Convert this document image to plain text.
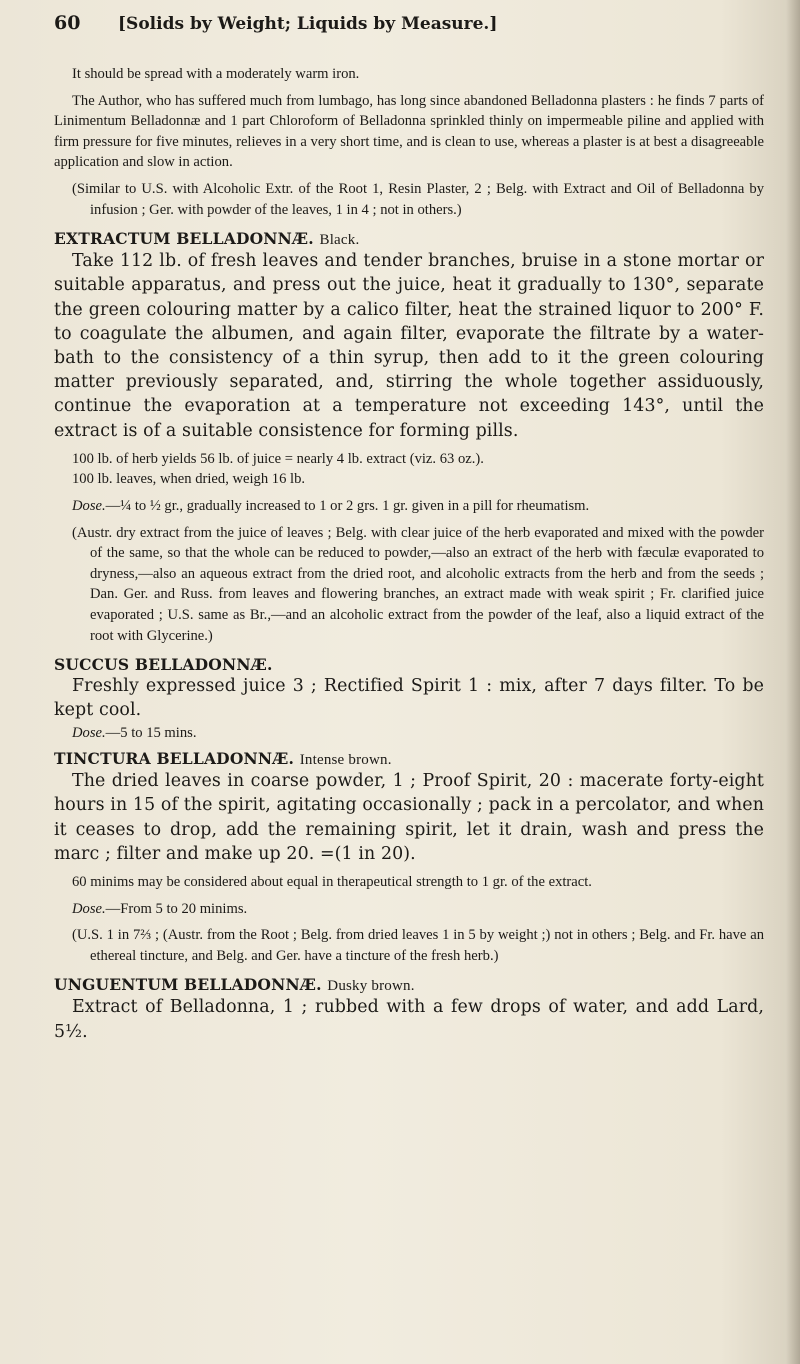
60	[Solids by Weight; Liquids by Measure.]

It should be spread with a moderately warm iron.

The Author, who has suffered much from lumbago, has long since abandoned Belladonna plasters : he finds 7 parts of Linimentum Belladonnæ and 1 part Chloroform of Belladonna sprinkled thinly on impermeable piline and applied with firm pressure for five minutes, relieves in a very short time, and is clean to use, whereas a plaster is at best a disagreeable application and slow in action.

(Similar to U.S. with Alcoholic Extr. of the Root 1, Resin Plaster, 2 ; Belg. with Extract and Oil of Belladonna by infusion ; Ger. with powder of the leaves, 1 in 4 ; not in others.)

EXTRACTUM BELLADONNÆ. Black.

Take 112 lb. of fresh leaves and tender branches, bruise in a stone mortar or suitable apparatus, and press out the juice, heat it gradually to 130°, separate the green colouring matter by a calico filter, heat the strained liquor to 200° F. to coagulate the albumen, and again filter, evaporate the filtrate by a water-bath to the consistency of a thin syrup, then add to it the green colouring matter previously separated, and, stirring the whole together assiduously, continue the evaporation at a temperature not exceeding 143°, until the extract is of a suitable consistence for forming pills.

100 lb. of herb yields 56 lb. of juice = nearly 4 lb. extract (viz. 63 oz.).

100 lb. leaves, when dried, weigh 16 lb.

Dose.—¼ to ½ gr., gradually increased to 1 or 2 grs. 1 gr. given in a pill for rheumatism.

(Austr. dry extract from the juice of leaves ; Belg. with clear juice of the herb evaporated and mixed with the powder of the same, so that the whole can be reduced to powder,—also an extract of the herb with fæculæ evaporated to dryness,—also an aqueous extract from the dried root, and alcoholic extracts from the herb and from the seeds ; Dan. Ger. and Russ. from leaves and flowering branches, an extract made with weak spirit ; Fr. clarified juice evaporated ; U.S. same as Br.,—and an alcoholic extract from the powder of the leaf, also a liquid extract of the root with Glycerine.)

SUCCUS BELLADONNÆ.

Freshly expressed juice 3 ; Rectified Spirit 1 : mix, after 7 days filter. To be kept cool.

Dose.—5 to 15 mins.

TINCTURA BELLADONNÆ. Intense brown.

The dried leaves in coarse powder, 1 ; Proof Spirit, 20 : macerate forty-eight hours in 15 of the spirit, agitating occasionally ; pack in a percolator, and when it ceases to drop, add the remaining spirit, let it drain, wash and press the marc ; filter and make up 20. =(1 in 20).

60 minims may be considered about equal in therapeutical strength to 1 gr. of the extract.

Dose.—From 5 to 20 minims.

(U.S. 1 in 7⅔ ; (Austr. from the Root ; Belg. from dried leaves 1 in 5 by weight ;) not in others ; Belg. and Fr. have an ethereal tincture, and Belg. and Ger. have a tincture of the fresh herb.)

UNGUENTUM BELLADONNÆ. Dusky brown.

Extract of Belladonna, 1 ; rubbed with a few drops of water, and add Lard, 5½.
